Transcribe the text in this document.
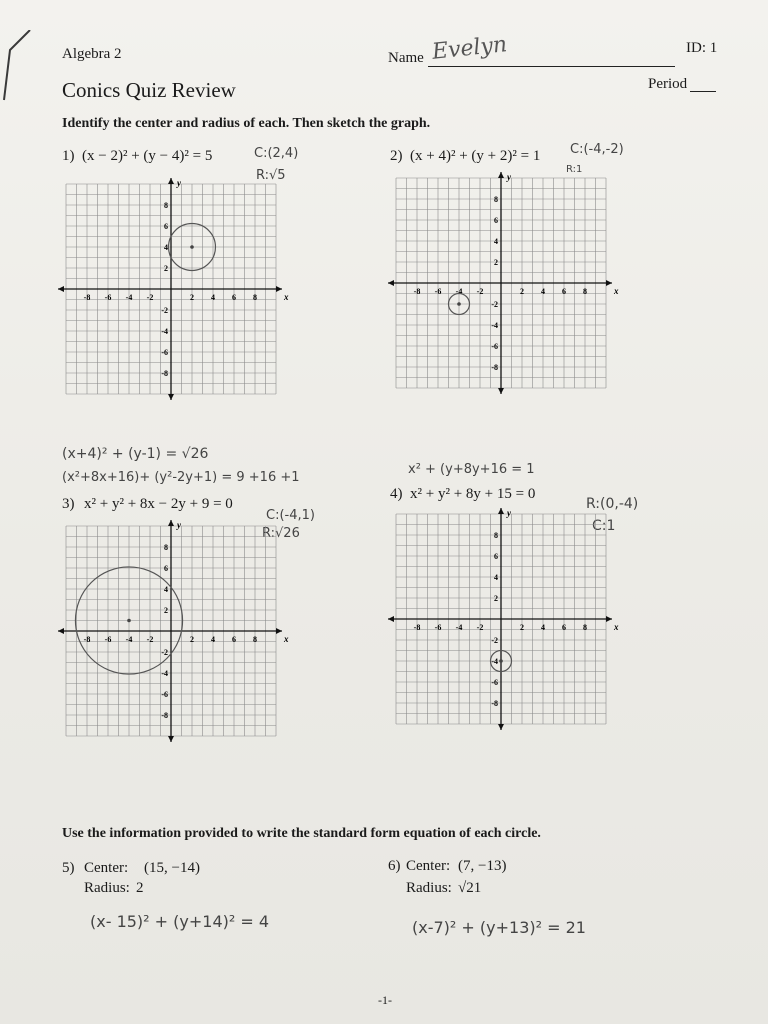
Algebra 2
Conics Quiz Review
Name Evelyn	ID: 1
Period
Identify the center and radius of each. Then sketch the graph.
1) (x − 2)² + (y − 4)² = 5	C:(2,4)
R:√5
2) (x + 4)² + (y + 2)² = 1 C:(-4,-2)
R:1
(x+4)² + (y-1) = √26
(x²+8x+16)+ (y²-2y+1) = 9 +16 +1
3) x² + y² + 8x − 2y + 9 = 0
C:(-4,1)
R:√26
x² + (y+8y+16 = 1
4) x² + y² + 8y + 15 = 0
R:(0,-4)
C:1
-8 -6 -4 -2	2 4 6 8
8
6
4
2
-2
-4
-6
-8
x
y
-8 -6 -4 -2	2 4 6 8
8
6
4
2
-2
-4
-6
-8
x
y
-8 -6 -4 -2	2 4 6 8
8
6
4
2
-2
-4
-6
-8
x
y
-8 -6 -4 -2	2 4 6 8
8
6
4
2
-2
-4
-6
-8
x
y
Use the information provided to write the standard form equation of each circle.
5) Center: (15, −14)
Radius: 2
(x- 15)² + (y+14)² = 4
6) Center: (7, −13)
Radius: √21
(x-7)² + (y+13)² = 21
-1-
